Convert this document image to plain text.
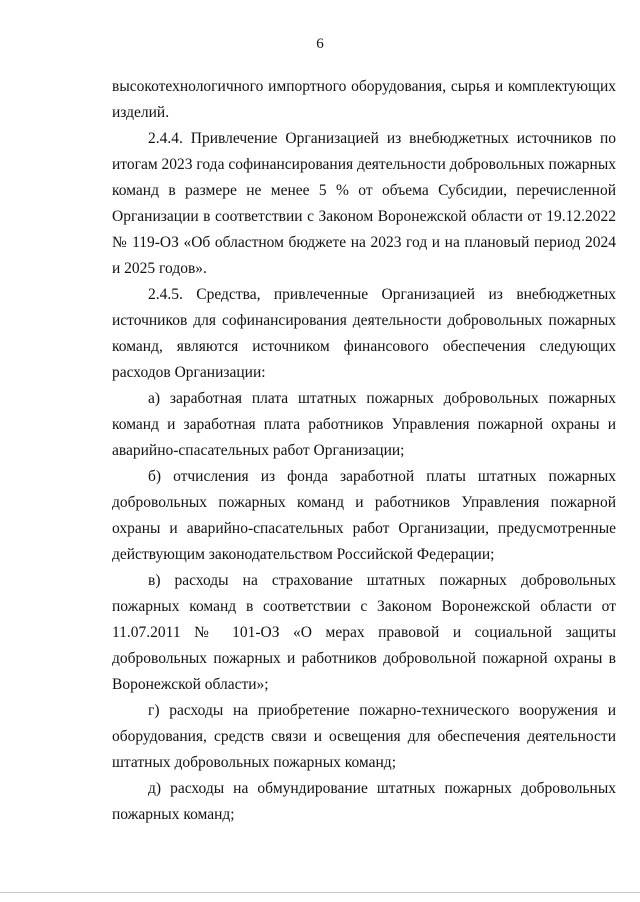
6

высокотехнологичного импортного оборудования, сырья и комплектующих изделий.

2.4.4. Привлечение Организацией из внебюджетных источников по итогам 2023 года софинансирования деятельности добровольных пожарных команд в размере не менее 5 % от объема Субсидии, перечисленной Организации в соответствии с Законом Воронежской области от 19.12.2022 № 119-ОЗ «Об областном бюджете на 2023 год и на плановый период 2024 и 2025 годов».

2.4.5. Средства, привлеченные Организацией из внебюджетных источников для софинансирования деятельности добровольных пожарных команд, являются источником финансового обеспечения следующих расходов Организации:

а) заработная плата штатных пожарных добровольных пожарных команд и заработная плата работников Управления пожарной охраны и аварийно-спасательных работ Организации;

б) отчисления из фонда заработной платы штатных пожарных добровольных пожарных команд и работников Управления пожарной охраны и аварийно-спасательных работ Организации, предусмотренные действующим законодательством Российской Федерации;

в) расходы на страхование штатных пожарных добровольных пожарных команд в соответствии с Законом Воронежской области от 11.07.2011 № 101-ОЗ «О мерах правовой и социальной защиты добровольных пожарных и работников добровольной пожарной охраны в Воронежской области»;

г) расходы на приобретение пожарно-технического вооружения и оборудования, средств связи и освещения для обеспечения деятельности штатных добровольных пожарных команд;

д) расходы на обмундирование штатных пожарных добровольных пожарных команд;
